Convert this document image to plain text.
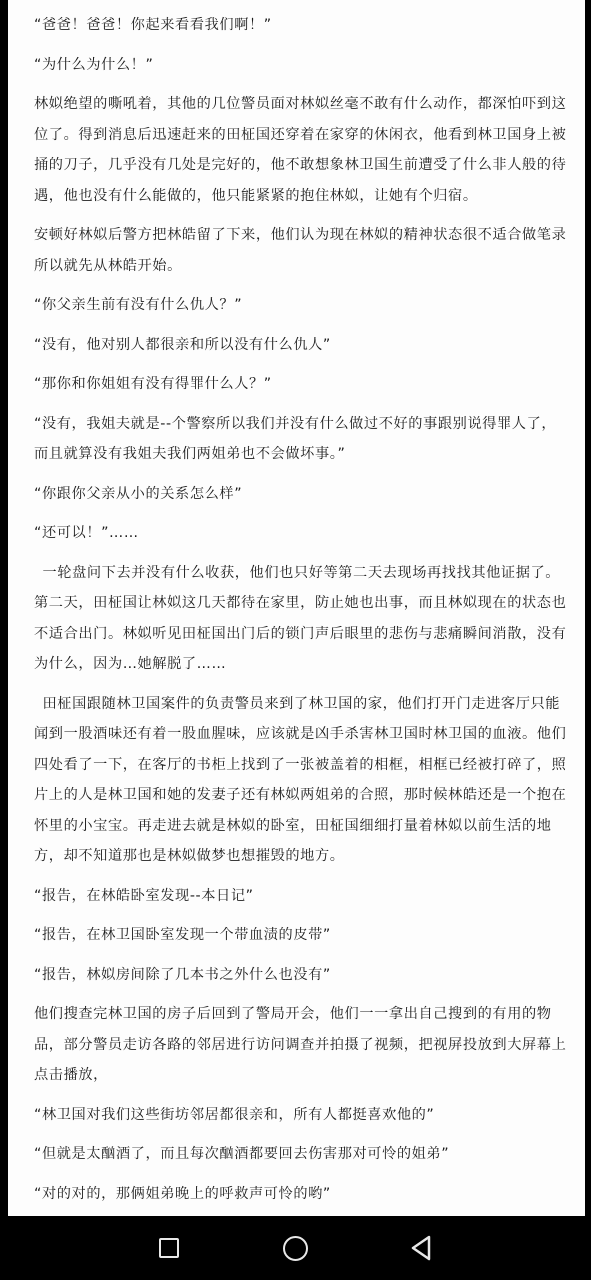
“爸爸！爸爸！你起来看看我们啊！”

“为什么为什么！”

林姒绝望的嘶吼着，其他的几位警员面对林姒丝毫不敢有什么动作，都深怕吓到这位了。得到消息后迅速赶来的田柾国还穿着在家穿的休闲衣，他看到林卫国身上被捅的刀子，几乎没有几处是完好的，他不敢想象林卫国生前遭受了什么非人般的待遇，他也没有什么能做的，他只能紧紧的抱住林姒，让她有个归宿。

安顿好林姒后警方把林皓留了下来，他们认为现在林姒的精神状态很不适合做笔录所以就先从林皓开始。

“你父亲生前有没有什么仇人？”

“没有，他对别人都很亲和所以没有什么仇人”

“那你和你姐姐有没有得罪什么人？”

“没有，我姐夫就是--个警察所以我们并没有什么做过不好的事跟别说得罪人了，而且就算没有我姐夫我们两姐弟也不会做坏事。”

“你跟你父亲从小的关系怎么样”

“还可以！”……

一轮盘问下去并没有什么收获，他们也只好等第二天去现场再找找其他证据了。第二天，田柾国让林姒这几天都待在家里，防止她也出事，而且林姒现在的状态也不适合出门。林姒听见田柾国出门后的锁门声后眼里的悲伤与悲痛瞬间消散，没有为什么，因为…她解脱了……

田柾国跟随林卫国案件的负责警员来到了林卫国的家，他们打开门走进客厅只能闻到一股酒味还有着一股血腥味，应该就是凶手杀害林卫国时林卫国的血液。他们四处看了一下，在客厅的书柜上找到了一张被盖着的相框，相框已经被打碎了，照片上的人是林卫国和她的发妻子还有林姒两姐弟的合照，那时候林皓还是一个抱在怀里的小宝宝。再走进去就是林姒的卧室，田柾国细细打量着林姒以前生活的地方，却不知道那也是林姒做梦也想摧毁的地方。

“报告，在林皓卧室发现--本日记”

“报告，在林卫国卧室发现一个带血渍的皮带”

“报告，林姒房间除了几本书之外什么也没有”

他们搜查完林卫国的房子后回到了警局开会，他们一一拿出自己搜到的有用的物品，部分警员走访各路的邻居进行访问调查并拍摄了视频，把视屏投放到大屏幕上点击播放，

“林卫国对我们这些街坊邻居都很亲和，所有人都挺喜欢他的”

“但就是太酗酒了，而且每次酗酒都要回去伤害那对可怜的姐弟”

“对的对的，那俩姐弟晚上的呼救声可怜的哟”
